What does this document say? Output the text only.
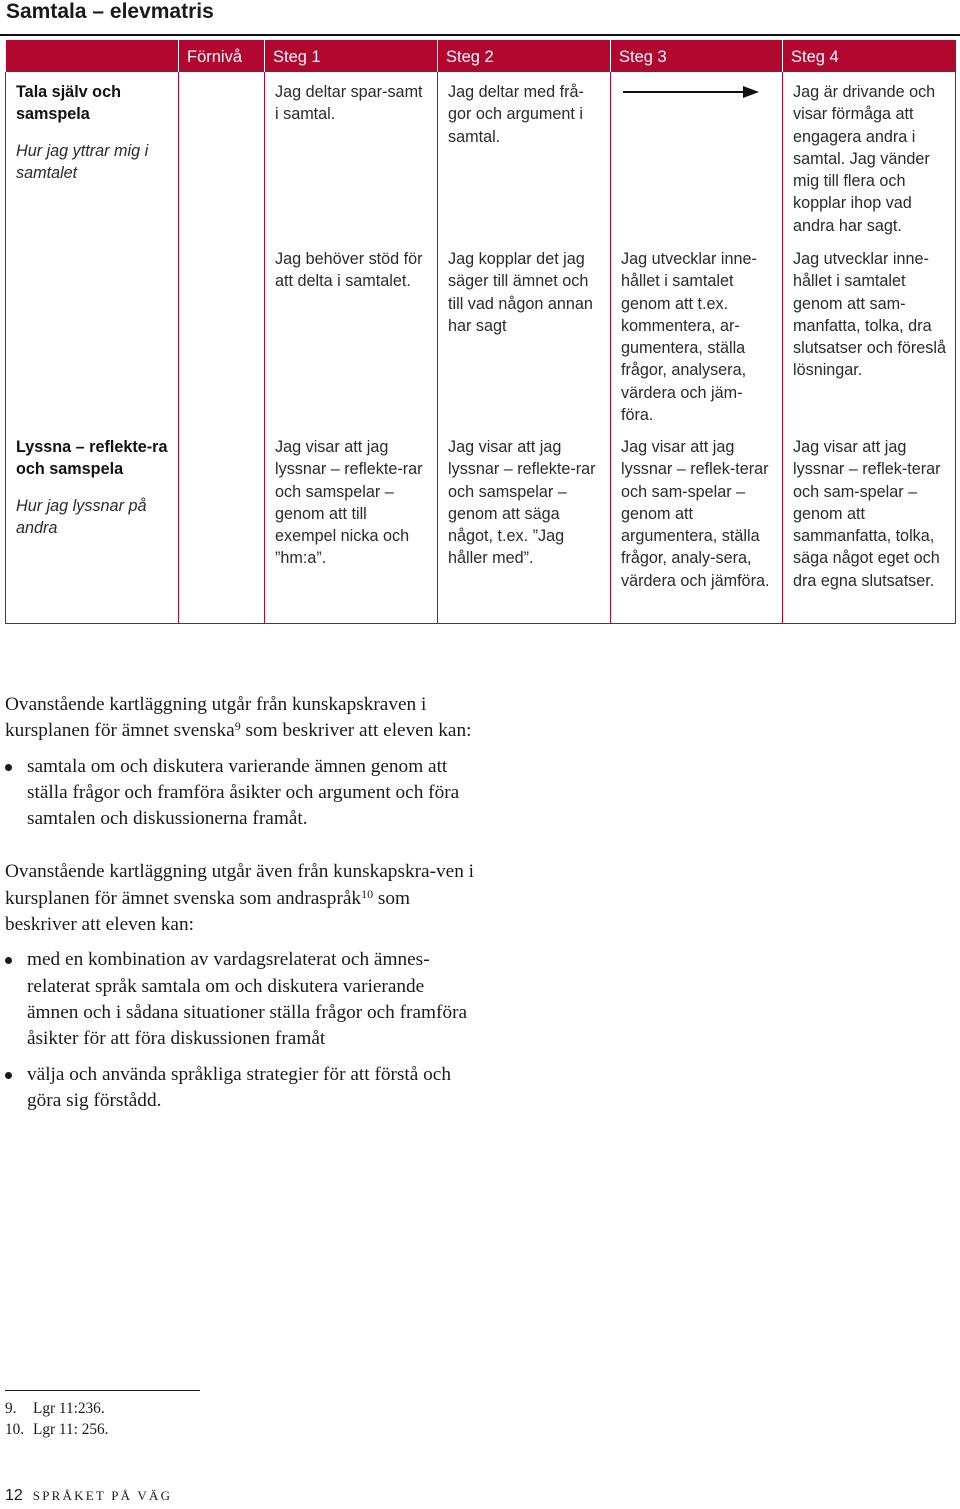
Samtala – elevmatris
	Förnivå	Steg 1	Steg 2	Steg 3	Steg 4

Tala själv och samspela

Hur jag yttrar mig i samtalet		Jag deltar spar-samt i samtal.	Jag deltar med frå-gor och argument i samtal.		Jag är drivande och visar förmåga att engagera andra i samtal. Jag vänder mig till flera och kopplar ihop vad andra har sagt.
		Jag behöver stöd för att delta i samtalet.	Jag kopplar det jag säger till ämnet och till vad någon annan har sagt	Jag utvecklar inne-hållet i samtalet genom att t.ex. kommentera, ar-gumentera, ställa frågor, analysera, värdera och jäm-föra.	Jag utvecklar inne-hållet i samtalet genom att sam-manfatta, tolka, dra slutsatser och föreslå lösningar.

Lyssna – reflekte-ra och samspela

Hur jag lyssnar på andra		Jag visar att jag lyssnar – reflekte-rar och samspelar – genom att till exempel nicka och ”hm:a”.	Jag visar att jag lyssnar – reflekte-rar och samspelar – genom att säga något, t.ex. ”Jag håller med”.	Jag visar att jag lyssnar – reflek-terar och sam-spelar – genom att argumentera, ställa frågor, analy-sera, värdera och jämföra.	Jag visar att jag lyssnar – reflek-terar och sam-spelar – genom att sammanfatta, tolka, säga något eget och dra egna slutsatser.

Ovanstående kartläggning utgår från kunskapskraven i kursplanen för ämnet svenska$^9$ som beskriver att eleven kan:

samtala om och diskutera varierande ämnen genom att ställa frågor och framföra åsikter och argument och föra samtalen och diskussionerna framåt.

Ovanstående kartläggning utgår även från kunskapskra-ven i kursplanen för ämnet svenska som andraspråk$^{10}$ som beskriver att eleven kan:

med en kombination av vardagsrelaterat och ämnes-relaterat språk samtala om och diskutera varierande ämnen och i sådana situationer ställa frågor och framföra åsikter för att föra diskussionen framåt
välja och använda språkliga strategier för att förstå och göra sig förstådd.
9. Lgr 11:236.
10. Lgr 11: 256.
12 SPRÅKET PÅ VÄG
